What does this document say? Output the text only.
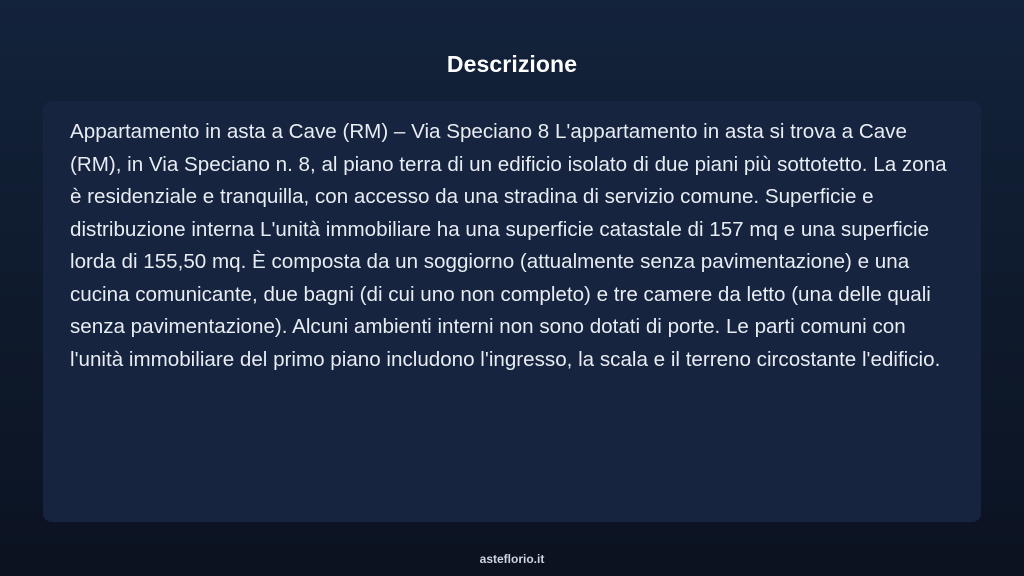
Descrizione

Appartamento in asta a Cave (RM) – Via Speciano 8 L'appartamento in asta si trova a Cave (RM), in Via Speciano n. 8, al piano terra di un edificio isolato di due piani più sottotetto. La zona è residenziale e tranquilla, con accesso da una stradina di servizio comune. Superficie e distribuzione interna L'unità immobiliare ha una superficie catastale di 157 mq e una superficie lorda di 155,50 mq. È composta da un soggiorno (attualmente senza pavimentazione) e una cucina comunicante, due bagni (di cui uno non completo) e tre camere da letto (una delle quali senza pavimentazione). Alcuni ambienti interni non sono dotati di porte. Le parti comuni con l'unità immobiliare del primo piano includono l'ingresso, la scala e il terreno circostante l'edificio.

asteflorio.it
